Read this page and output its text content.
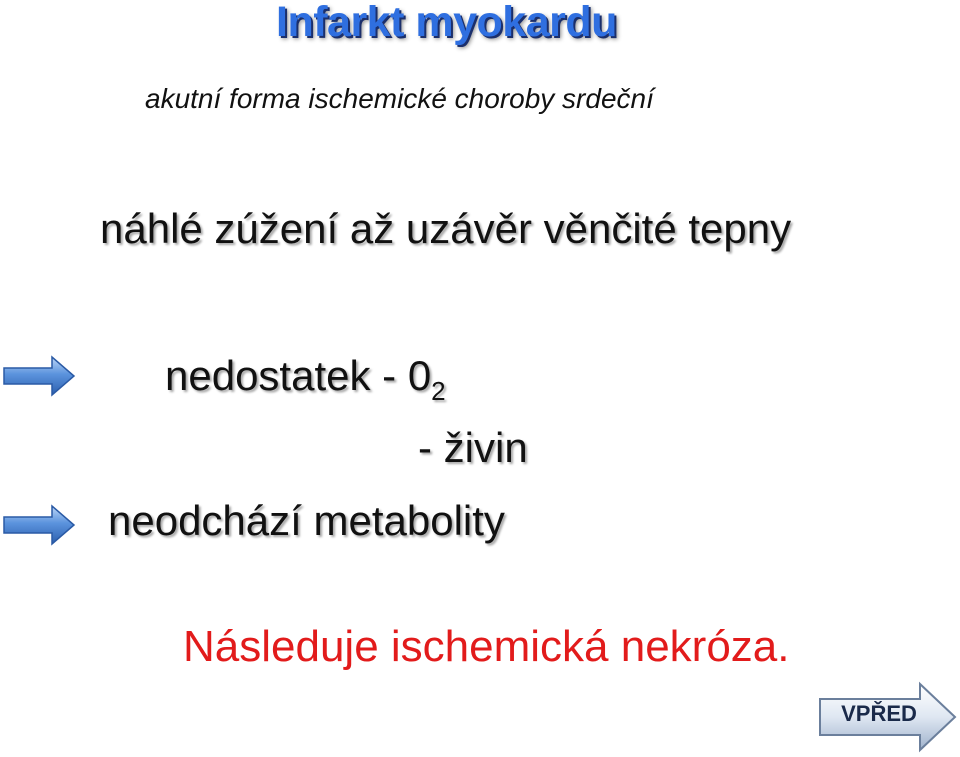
Infarkt myokardu
akutní forma ischemické choroby srdeční
náhlé zúžení až uzávěr věnčité tepny
nedostatek - $0_2$
- živin
neodchází metabolity
Následuje ischemická nekróza.
VPŘED
